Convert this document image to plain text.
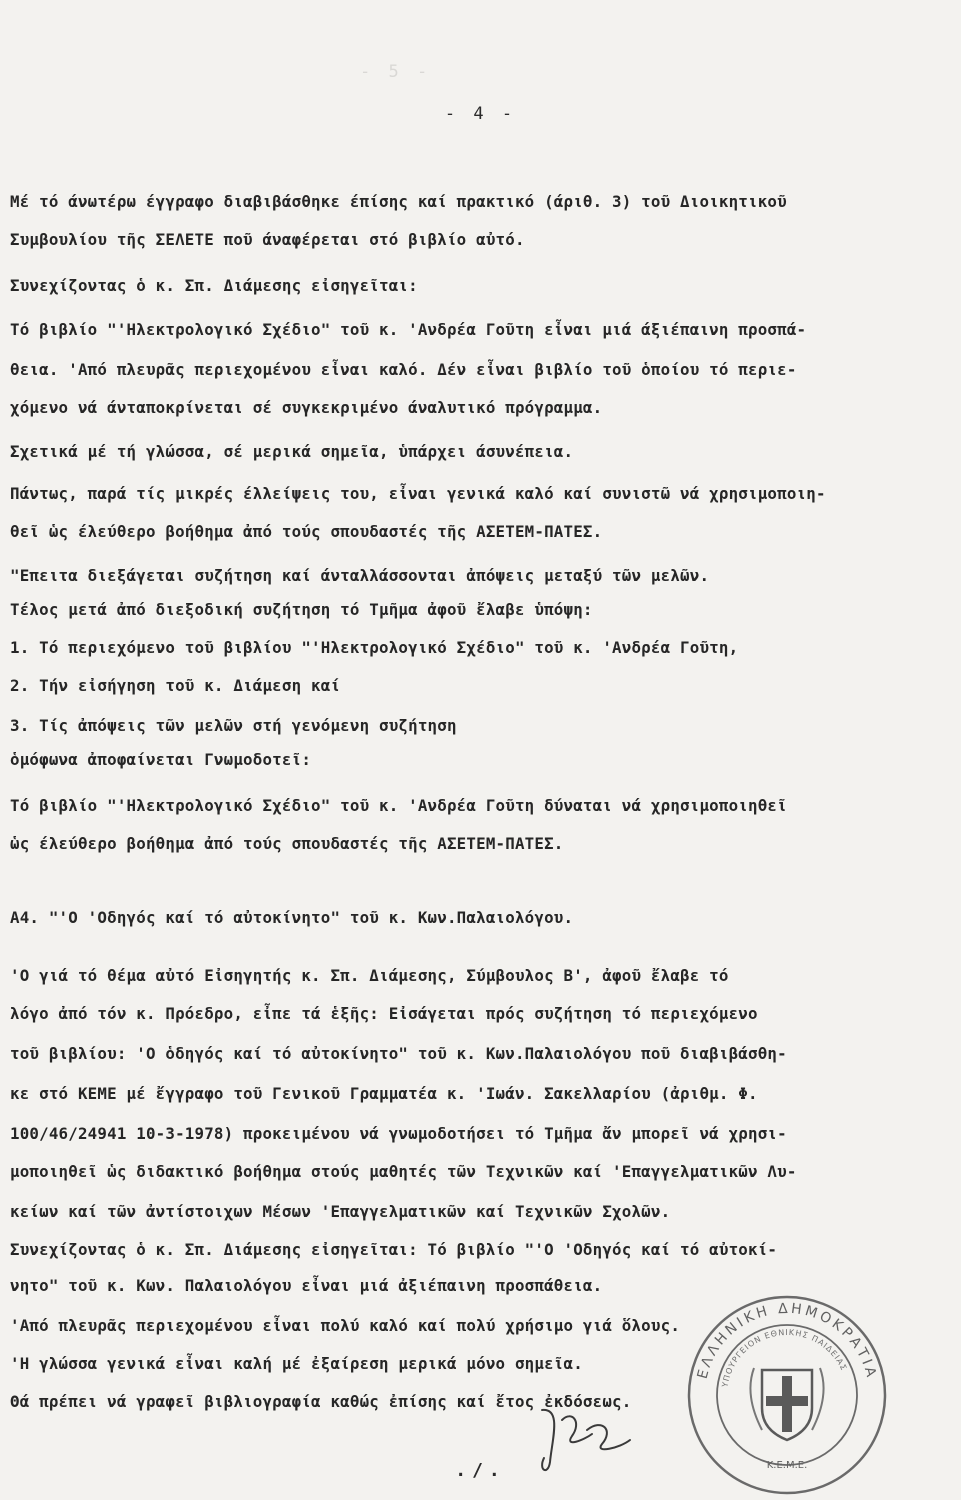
- 5 -
- 4 -
Μέ τό άνωτέρω έγγραφο διαβιβάσθηκε έπίσης καί πρακτικό (άριθ. 3) τοῦ Διοικητικοῦ
Συμβουλίου τῆς ΣΕΛΕΤΕ ποῦ άναφέρεται στό βιβλίο αὐτό.
Συνεχίζοντας ὁ κ. Σπ. Διάμεσης εἰσηγεῖται:
Τό βιβλίο "'Ηλεκτρολογικό Σχέδιο" τοῦ κ. 'Ανδρέα Γοῦτη εἶναι μιά άξιέπαινη προσπά-
θεια. 'Από πλευρᾶς περιεχομένου εἶναι καλό. Δέν εἶναι βιβλίο τοῦ ὁποίου τό περιε-
χόμενο νά άνταποκρίνεται σέ συγκεκριμένο άναλυτικό πρόγραμμα.
Σχετικά μέ τή γλώσσα, σέ μερικά σημεῖα, ὑπάρχει άσυνέπεια.
Πάντως, παρά τίς μικρές έλλείψεις του, εἶναι γενικά καλό καί συνιστῶ νά χρησιμοποιη-
θεῖ ὡς έλεύθερο βοήθημα ἀπό τούς σπουδαστές τῆς ΑΣΕΤΕΜ-ΠΑΤΕΣ.
"Επειτα διεξάγεται συζήτηση καί άνταλλάσσονται ἀπόψεις μεταξύ τῶν μελῶν.
Τέλος μετά ἀπό διεξοδική συζήτηση τό Τμῆμα ἀφοῦ ἔλαβε ὑπόψη:
1. Τό περιεχόμενο τοῦ βιβλίου "'Ηλεκτρολογικό Σχέδιο" τοῦ κ. 'Ανδρέα Γοῦτη,
2. Τήν εἰσήγηση τοῦ κ. Διάμεση καί
3. Τίς ἀπόψεις τῶν μελῶν στή γενόμενη συζήτηση
ὁμόφωνα ἀποφαίνεται Γνωμοδοτεῖ:
Τό βιβλίο "'Ηλεκτρολογικό Σχέδιο" τοῦ κ. 'Ανδρέα Γοῦτη δύναται νά χρησιμοποιηθεῖ
ὡς έλεύθερο βοήθημα ἀπό τούς σπουδαστές τῆς ΑΣΕΤΕΜ-ΠΑΤΕΣ.
Α4. "'Ο 'Οδηγός καί τό αὐτοκίνητο" τοῦ κ. Κων.Παλαιολόγου.
'Ο γιά τό θέμα αὐτό Εἰσηγητής κ. Σπ. Διάμεσης, Σύμβουλος Β', ἀφοῦ ἔλαβε τό
λόγο ἀπό τόν κ. Πρόεδρο, εἶπε τά ἑξῆς: Εἰσάγεται πρός συζήτηση τό περιεχόμενο
τοῦ βιβλίου: 'Ο ὁδηγός καί τό αὐτοκίνητο" τοῦ κ. Κων.Παλαιολόγου ποῦ διαβιβάσθη-
κε στό ΚΕΜΕ μέ ἔγγραφο τοῦ Γενικοῦ Γραμματέα κ. 'Ιωάν. Σακελλαρίου (ἀριθμ. Φ.
100/46/24941 10-3-1978) προκειμένου νά γνωμοδοτήσει τό Τμῆμα ἄν μπορεῖ νά χρησι-
μοποιηθεῖ ὡς διδακτικό βοήθημα στούς μαθητές τῶν Τεχνικῶν καί 'Επαγγελματικῶν Λυ-
κείων καί τῶν ἀντίστοιχων Μέσων 'Επαγγελματικῶν καί Τεχνικῶν Σχολῶν.
Συνεχίζοντας ὁ κ. Σπ. Διάμεσης εἰσηγεῖται: Τό βιβλίο "'Ο 'Οδηγός καί τό αὐτοκί-
νητο" τοῦ κ. Κων. Παλαιολόγου εἶναι μιά ἀξιέπαινη προσπάθεια.
'Από πλευρᾶς περιεχομένου εἶναι πολύ καλό καί πολύ χρήσιμο γιά ὅλους.
'Η γλώσσα γενικά εἶναι καλή μέ ἐξαίρεση μερικά μόνο σημεῖα.
Θά πρέπει νά γραφεῖ βιβλιογραφία καθώς ἐπίσης καί ἔτος ἐκδόσεως.
ΕΛΛΗΝΙΚΗ ΔΗΜΟΚΡΑΤΙΑ
ΥΠΟΥΡΓΕΙΟΝ ΕΘΝΙΚΗΣ ΠΑΙΔΕΙΑΣ
Κ.Ε.Μ.Ε.
./.
